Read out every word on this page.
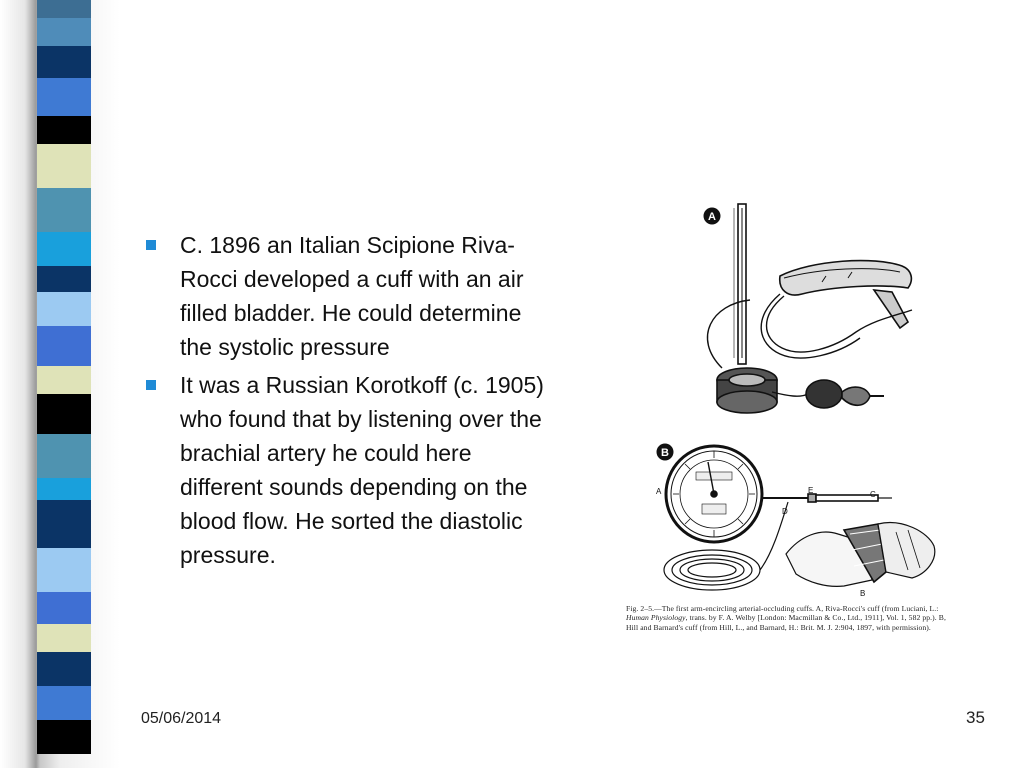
C. 1896 an Italian Scipione Riva-Rocci developed a cuff with an air filled bladder. He could determine the systolic pressure
It was a Russian Korotkoff (c. 1905) who found that by listening over the brachial artery he could here different sounds depending on the blood flow. He sorted the diastolic pressure.
A
B
A	E	C
D
B
Fig. 2–5.—The first arm-encircling arterial-occluding cuffs. A, Riva-Rocci's cuff (from Luciani, L.: Human Physiology, trans. by F. A. Welby [London: Macmillan & Co., Ltd., 1911], Vol. 1, 582 pp.). B, Hill and Barnard's cuff (from Hill, L., and Barnard, H.: Brit. M. J. 2:904, 1897, with permission).
05/06/2014	35
